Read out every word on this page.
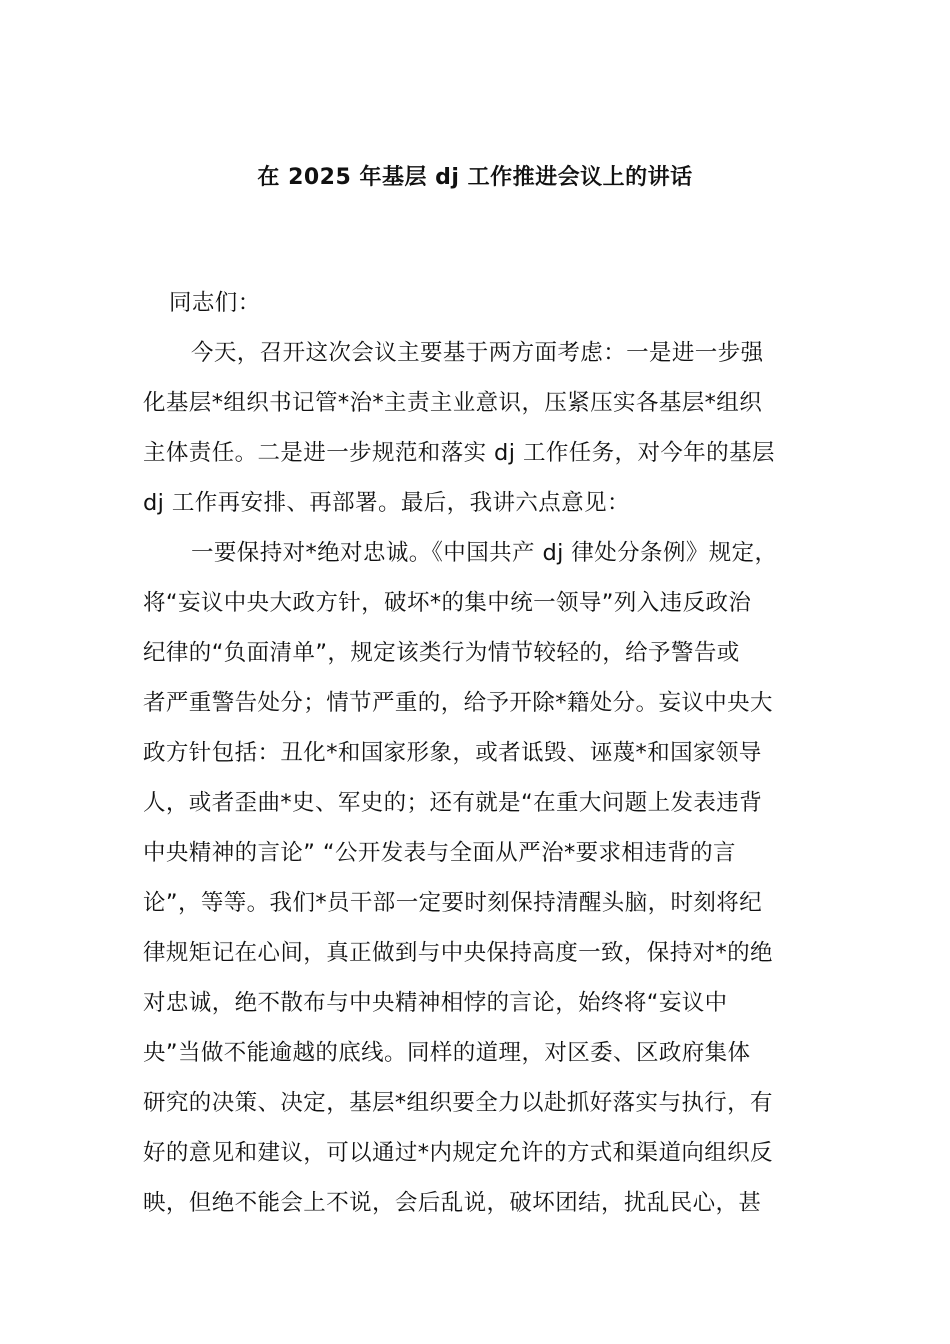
在 2025 年基层 dj 工作推进会议上的讲话
同志们：
今天，召开这次会议主要基于两方面考虑：一是进一步强
化基层*组织书记管*治*主责主业意识，压紧压实各基层*组织
主体责任。二是进一步规范和落实 dj 工作任务，对今年的基层
dj 工作再安排、再部署。最后，我讲六点意见：
一要保持对*绝对忠诚。《中国共产 dj 律处分条例》规定，
将“妄议中央大政方针，破坏*的集中统一领导”列入违反政治
纪律的“负面清单”，规定该类行为情节较轻的，给予警告或
者严重警告处分；情节严重的，给予开除*籍处分。妄议中央大
政方针包括：丑化*和国家形象，或者诋毁、诬蔑*和国家领导
人，或者歪曲*史、军史的；还有就是“在重大问题上发表违背
中央精神的言论” “公开发表与全面从严治*要求相违背的言
论”，等等。我们*员干部一定要时刻保持清醒头脑，时刻将纪
律规矩记在心间，真正做到与中央保持高度一致，保持对*的绝
对忠诚，绝不散布与中央精神相悖的言论，始终将“妄议中
央”当做不能逾越的底线。同样的道理，对区委、区政府集体
研究的决策、决定，基层*组织要全力以赴抓好落实与执行，有
好的意见和建议，可以通过*内规定允许的方式和渠道向组织反
映，但绝不能会上不说，会后乱说，破坏团结，扰乱民心，甚
